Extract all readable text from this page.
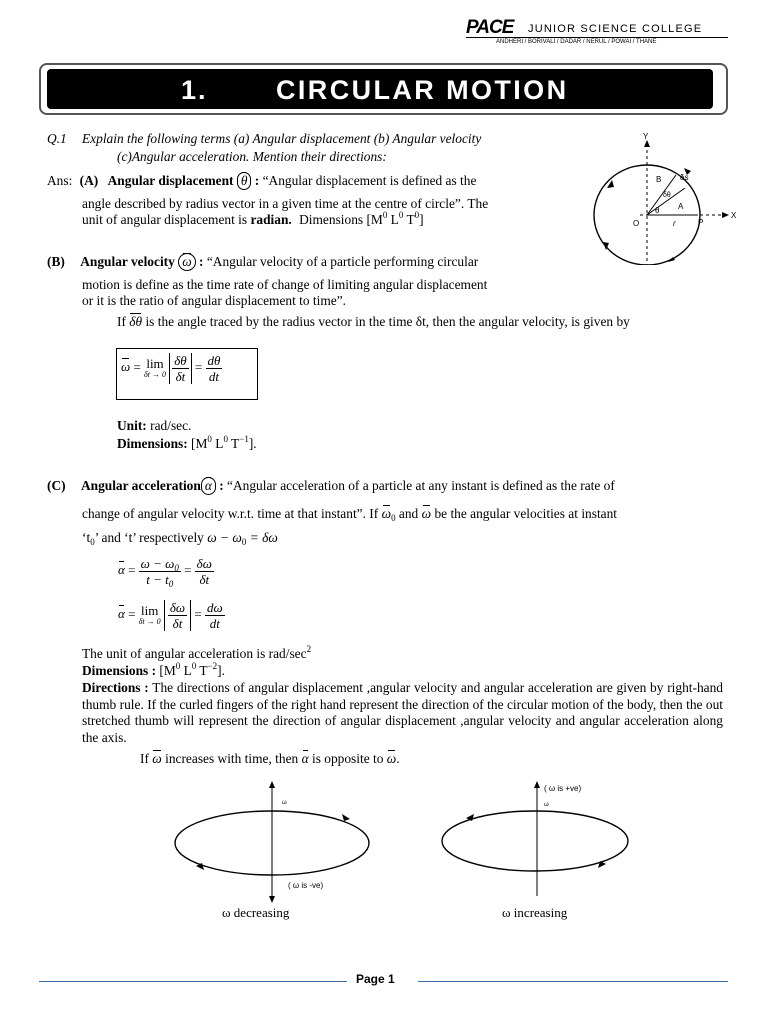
PACE JUNIOR SCIENCE COLLEGE
ANDHERI / BORIVALI / DADAR / NERUL / POWAI / THANE
1.	CIRCULAR MOTION
Q.1 Explain the following terms (a) Angular displacement (b) Angular velocity
(c)Angular acceleration. Mention their directions:
Ans: (A) Angular displacement θ : “Angular displacement is defined as the
angle described by radius vector in a given time at the centre of circle”. The
unit of angular displacement is radian. Dimensions [$M^0$ $L^0$ $T^0$]
Y
X
O	P
A
B
r
δs
δθ
θ
(B) Angular velocity ω : “Angular velocity of a particle performing circular
motion is define as the time rate of change of limiting angular displacement
or it is the ratio of angular displacement to time”.
If δθ is the angle traced by the radius vector in the time δt, then the angular velocity, is given by
ω = lim
δt → 0
$\frac{\delta\theta}{\delta t} = \frac{d\theta}{dt}$
Unit: rad/sec.
Dimensions: [$M^0$ $L^0$ $T^{-1}$].
(C) Angular acceleration α : “Angular acceleration of a particle at any instant is defined as the rate of
change of angular velocity w.r.t. time at that instant”. If $\omega_0$ and ω be the angular velocities at instant
‘$t_0$’ and ‘t’ respectively $\omega - \omega_0 = \delta\omega$
$\alpha = \frac{\omega - \omega_0}{t - t_0} = \frac{\delta\omega}{\delta t}$
α = lim
δt → 0
$\frac{\delta\omega}{\delta t} = \frac{d\omega}{dt}$
The unit of angular acceleration is rad/$\sec^2$
Dimensions : [$M^0$ $L^0$ $T^{-2}$].
Directions : The directions of angular displacement ,angular velocity and angular acceleration are given by right-hand thumb rule. If the curled fingers of the right hand represent the direction of the circular motion of the body, then the out stretched thumb will represent the direction of angular displacement ,angular velocity and angular acceleration along the axis.
If ω increases with time, then α is opposite to ω.
ω
( ω is -ve)
ω decreasing
( ω is +ve)
ω
ω increasing
Page 1
